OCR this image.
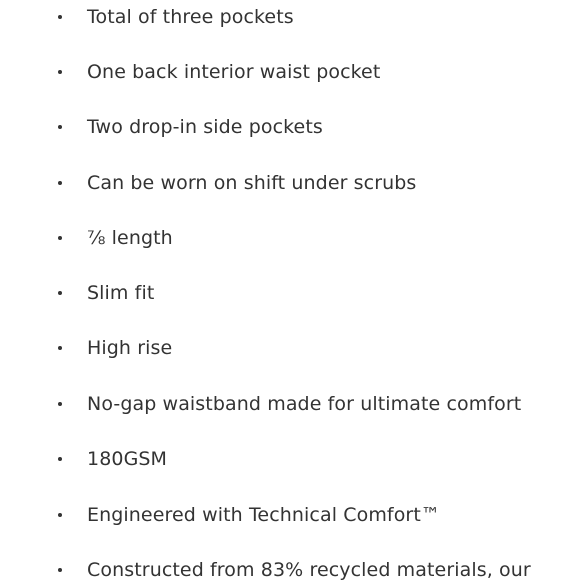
Total of three pockets
One back interior waist pocket
Two drop-in side pockets
Can be worn on shift under scrubs
⅞ length
Slim fit
High rise
No-gap waistband made for ultimate comfort
180GSM
Engineered with Technical Comfort™
Constructed from 83% recycled materials, our
